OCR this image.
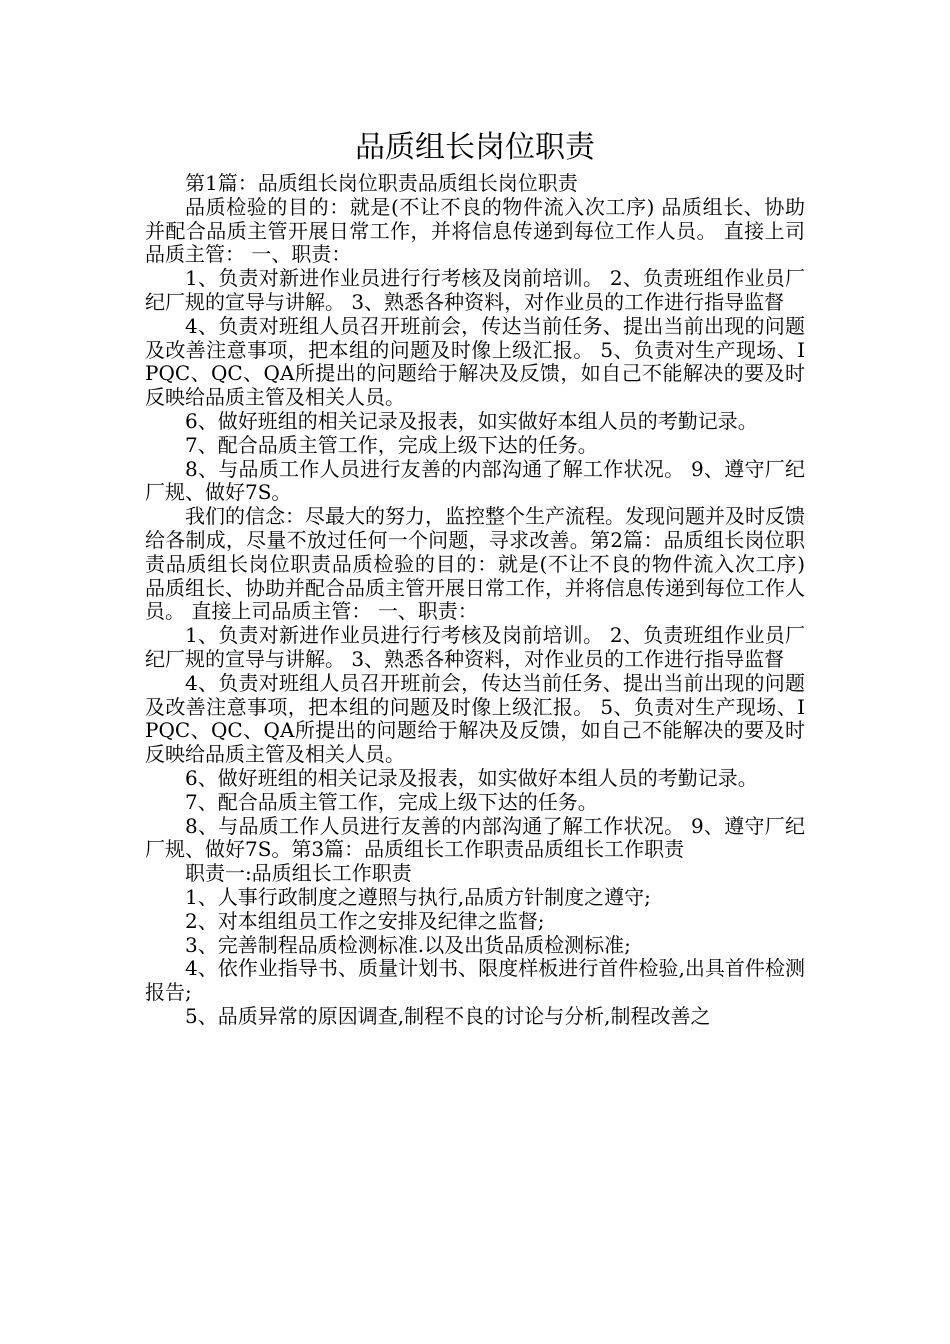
品质组长岗位职责

第1篇：品质组长岗位职责品质组长岗位职责

品质检验的目的：就是(不让不良的物件流入次工序) 品质组长、协助并配合品质主管开展日常工作，并将信息传递到每位工作人员。 直接上司品质主管： 一、职责：

1、负责对新进作业员进行行考核及岗前培训。 2、负责班组作业员厂纪厂规的宣导与讲解。 3、熟悉各种资料，对作业员的工作进行指导监督

4、负责对班组人员召开班前会，传达当前任务、提出当前出现的问题及改善注意事项，把本组的问题及时像上级汇报。 5、负责对生产现场、IPQC、QC、QA所提出的问题给于解决及反馈，如自己不能解决的要及时反映给品质主管及相关人员。

6、做好班组的相关记录及报表，如实做好本组人员的考勤记录。

7、配合品质主管工作，完成上级下达的任务。

8、与品质工作人员进行友善的内部沟通了解工作状况。 9、遵守厂纪厂规、做好7S。

我们的信念：尽最大的努力，监控整个生产流程。发现问题并及时反馈给各制成，尽量不放过任何一个问题，寻求改善。第2篇：品质组长岗位职责品质组长岗位职责品质检验的目的：就是(不让不良的物件流入次工序) 品质组长、协助并配合品质主管开展日常工作，并将信息传递到每位工作人员。 直接上司品质主管： 一、职责：

1、负责对新进作业员进行行考核及岗前培训。 2、负责班组作业员厂纪厂规的宣导与讲解。 3、熟悉各种资料，对作业员的工作进行指导监督

4、负责对班组人员召开班前会，传达当前任务、提出当前出现的问题及改善注意事项，把本组的问题及时像上级汇报。 5、负责对生产现场、IPQC、QC、QA所提出的问题给于解决及反馈，如自己不能解决的要及时反映给品质主管及相关人员。

6、做好班组的相关记录及报表，如实做好本组人员的考勤记录。

7、配合品质主管工作，完成上级下达的任务。

8、与品质工作人员进行友善的内部沟通了解工作状况。 9、遵守厂纪厂规、做好7S。第3篇：品质组长工作职责品质组长工作职责

职责一:品质组长工作职责

1、人事行政制度之遵照与执行,品质方针制度之遵守;

2、对本组组员工作之安排及纪律之监督;

3、完善制程品质检测标准.以及出货品质检测标准;

4、依作业指导书、质量计划书、限度样板进行首件检验,出具首件检测报告;

5、品质异常的原因调查,制程不良的讨论与分析,制程改善之
